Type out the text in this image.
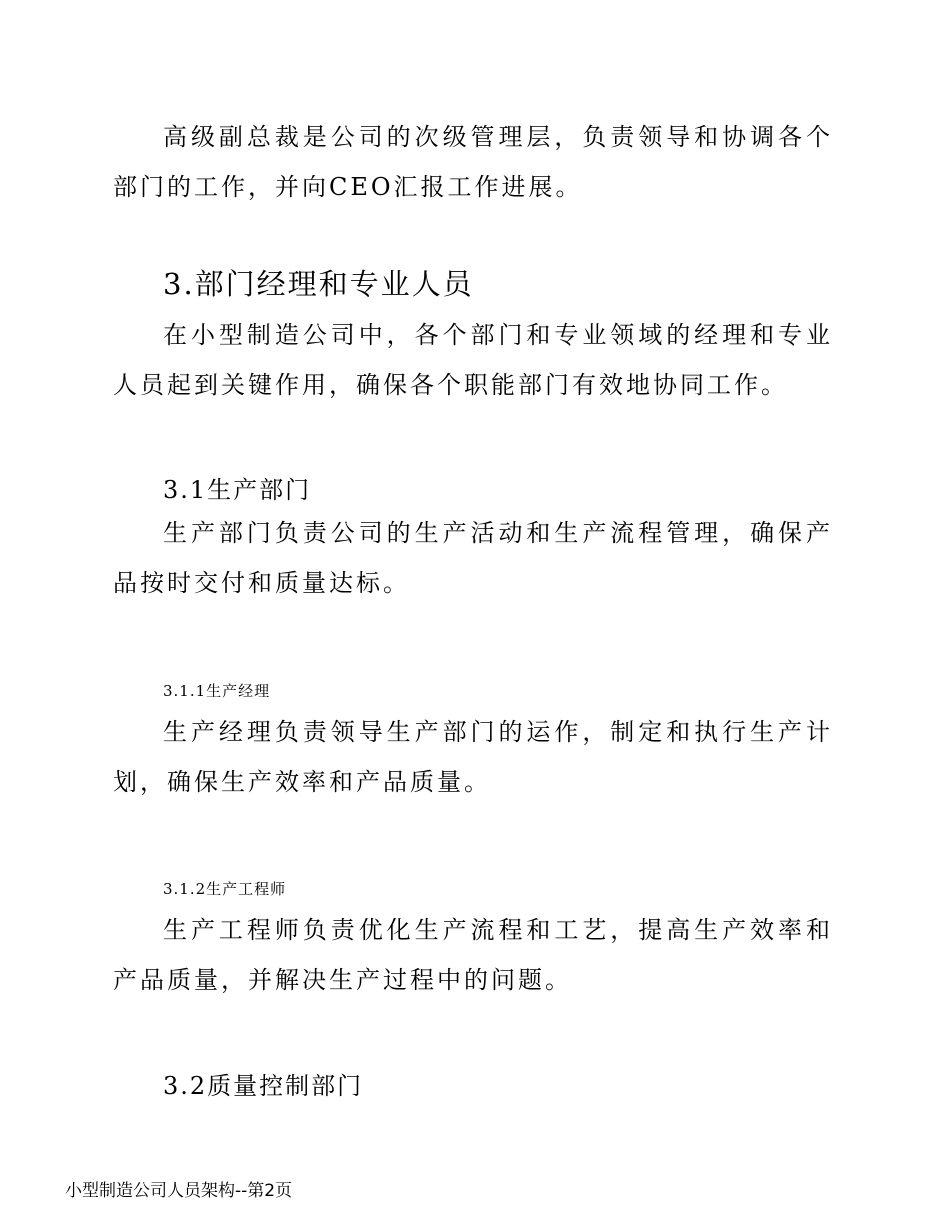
高级副总裁是公司的次级管理层，负责领导和协调各个部门的工作，并向CEO汇报工作进展。

3.部门经理和专业人员

在小型制造公司中，各个部门和专业领域的经理和专业人员起到关键作用，确保各个职能部门有效地协同工作。

3.1生产部门

生产部门负责公司的生产活动和生产流程管理，确保产品按时交付和质量达标。

3.1.1生产经理

生产经理负责领导生产部门的运作，制定和执行生产计划，确保生产效率和产品质量。

3.1.2生产工程师

生产工程师负责优化生产流程和工艺，提高生产效率和产品质量，并解决生产过程中的问题。

3.2质量控制部门

小型制造公司人员架构--第2页
